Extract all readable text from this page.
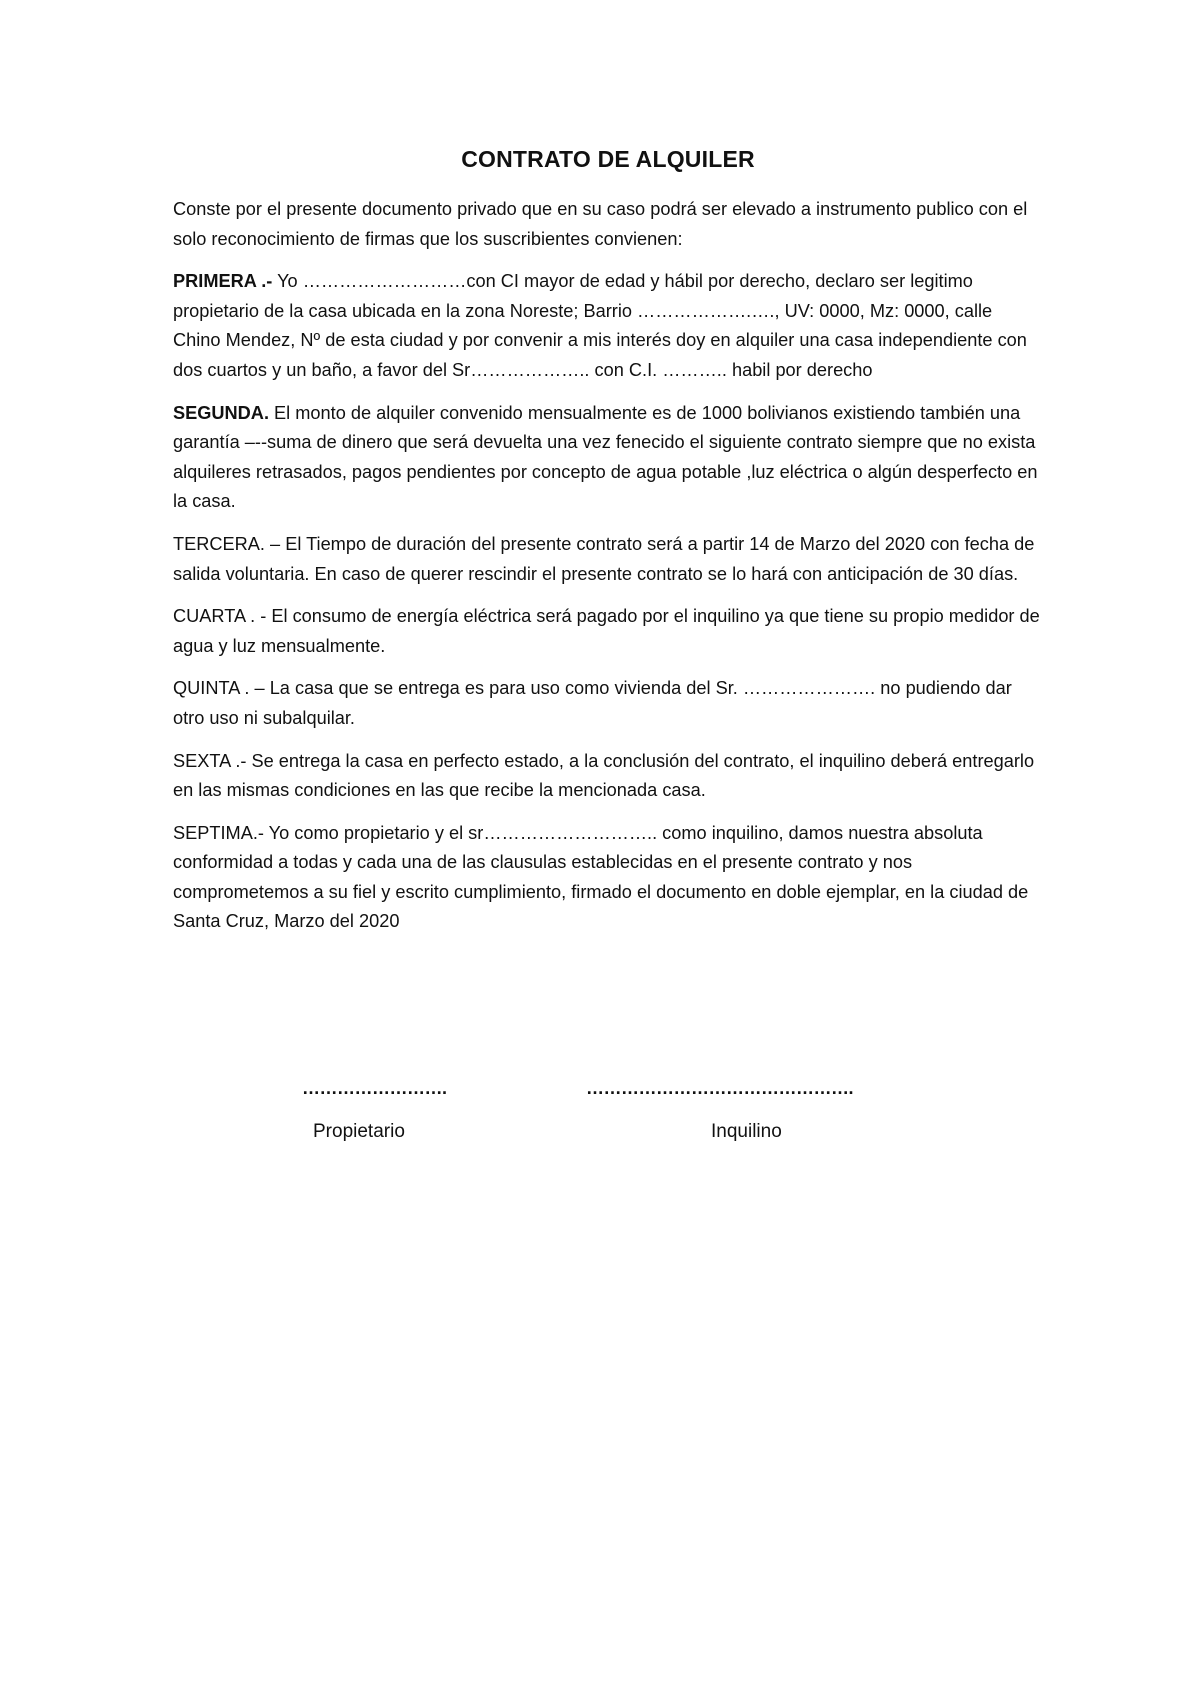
CONTRATO DE ALQUILER

Conste por el presente documento privado que en su caso podrá ser elevado a instrumento publico con el solo reconocimiento de firmas que los suscribientes convienen:

PRIMERA .- Yo ………………………con CI mayor de edad y hábil por derecho, declaro ser legitimo propietario de la casa ubicada en la zona Noreste; Barrio ……………….…., UV: 0000, Mz: 0000, calle Chino Mendez, Nº de esta ciudad y por convenir a mis interés doy en alquiler una casa independiente con dos cuartos y un baño, a favor del Sr……………….. con C.I. ……….. habil por derecho

SEGUNDA. El monto de alquiler convenido mensualmente es de 1000 bolivianos existiendo también una garantía –--suma de dinero que será devuelta una vez fenecido el siguiente contrato siempre que no exista alquileres retrasados, pagos pendientes por concepto de agua potable ,luz eléctrica o algún desperfecto en la casa.

TERCERA. – El Tiempo de duración del presente contrato será a partir 14 de Marzo del 2020 con fecha de salida voluntaria. En caso de querer rescindir el presente contrato se lo hará con anticipación de 30 días.

CUARTA . - El consumo de energía eléctrica será pagado por el inquilino ya que tiene su propio medidor de agua y luz mensualmente.

QUINTA . – La casa que se entrega es para uso como vivienda del Sr. …………………. no pudiendo dar otro uso ni subalquilar.

SEXTA .- Se entrega la casa en perfecto estado, a la conclusión del contrato, el inquilino deberá entregarlo en las mismas condiciones en las que recibe la mencionada casa.

SEPTIMA.- Yo como propietario y el sr……………………….. como inquilino, damos nuestra absoluta conformidad a todas y cada una de las clausulas establecidas en el presente contrato y nos comprometemos a su fiel y escrito cumplimiento, firmado el documento en doble ejemplar, en la ciudad de Santa Cruz, Marzo del 2020

…………………….
Propietario
……………………………………….
Inquilino
